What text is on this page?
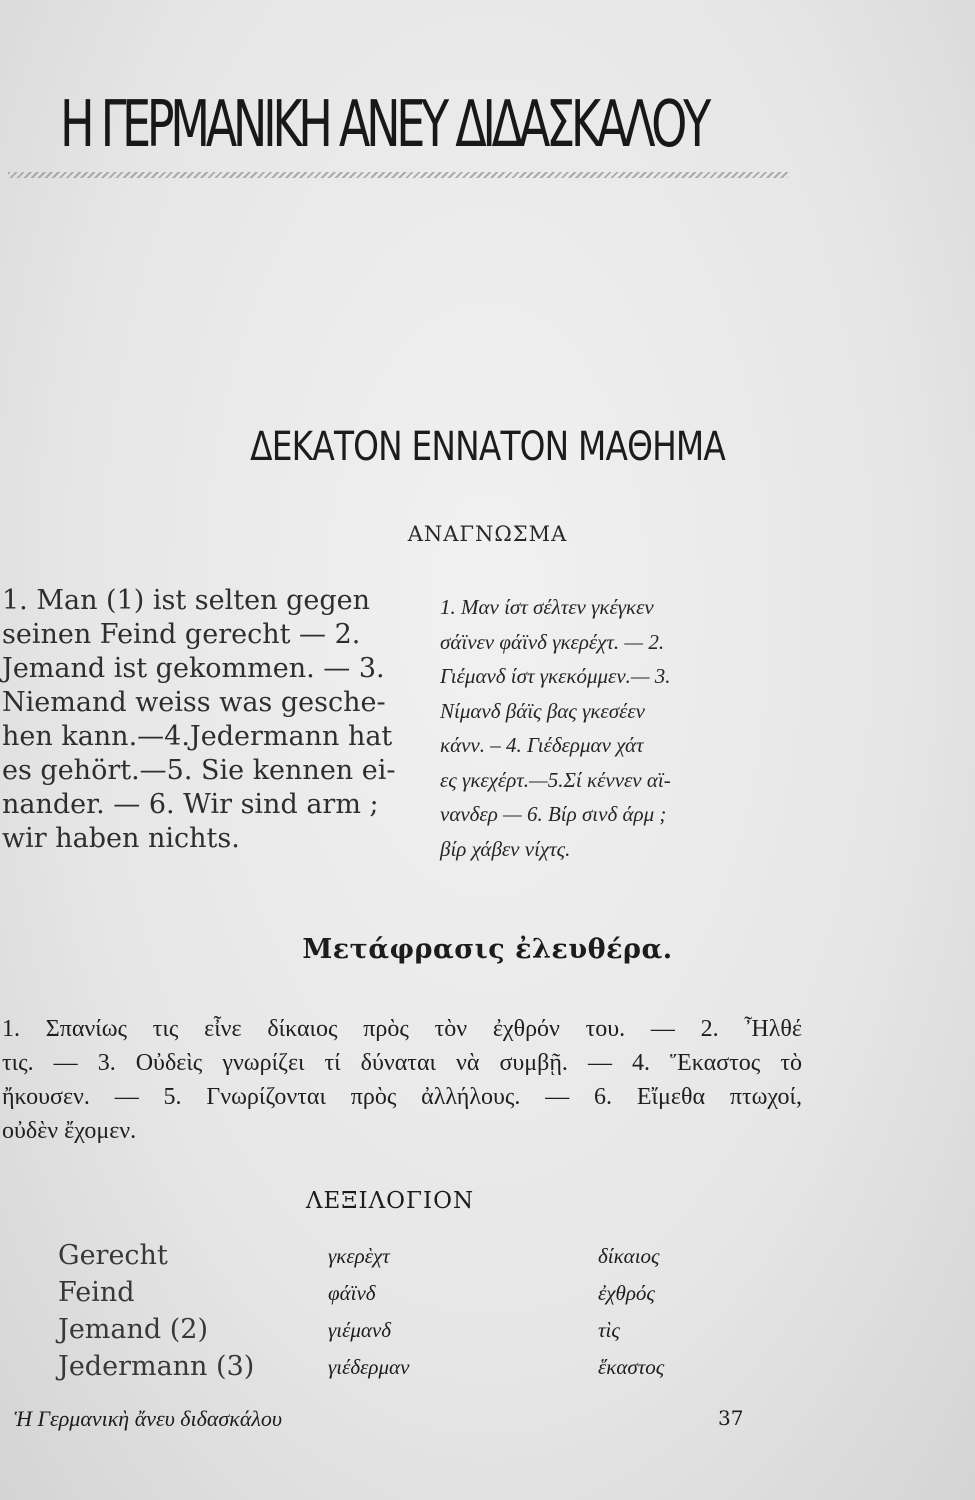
Η ΓΕΡΜΑΝΙΚΗ ΑΝΕΥ ΔΙΔΑΣΚΑΛΟΥ
ΔΕΚΑΤΟΝ ΕΝΝΑΤΟΝ ΜΑΘΗΜΑ
ΑΝΑΓΝΩΣΜΑ
1. Man (1) ist selten gegen
seinen Feind gerecht — 2.
Jemand ist gekommen. — 3.
Niemand weiss was gesche-
hen kann.—4.Jedermann hat
es gehört.—5. Sie kennen ei-
nander. — 6. Wir sind arm ;
wir haben nichts.
1. Μαν ίστ σέλτεν γκέγκεν
σάϊνεν φάϊνδ γκερέχτ. — 2.
Γιέμανδ ίστ γκεκόμμεν.— 3.
Νίμανδ βάϊς βας γκεσέεν
κάνν. – 4. Γιέδερμαν χάτ
ες γκεχέρτ.—5.Σί κέννεν αϊ-
νανδερ — 6. Βίρ σινδ άρμ ;
βίρ χάβεν νίχτς.
Μετάφρασις ἐλευθέρα.
1. Σπανίως τις εἶνε δίκαιος πρὸς τὸν ἐχθρόν του. — 2. Ἦλθέ
τις. — 3. Οὐδεὶς γνωρίζει τί δύναται νὰ συμβῇ. — 4. Ἕκαστος τὸ
ἤκουσεν. — 5. Γνωρίζονται πρὸς ἀλλήλους. — 6. Εἴμεθα πτωχοί,
οὐδὲν ἔχομεν.
ΛΕΞΙΛΟΓΙΟΝ
Gerecht	γκερὲχτ	δίκαιος
Feind	φάϊνδ	ἐχθρός
Jemand (2)	γιέμανδ	τὶς
Jedermann (3)	γιέδερμαν	ἕκαστος
Ἡ Γερμανικὴ ἄνευ διδασκάλου	37
